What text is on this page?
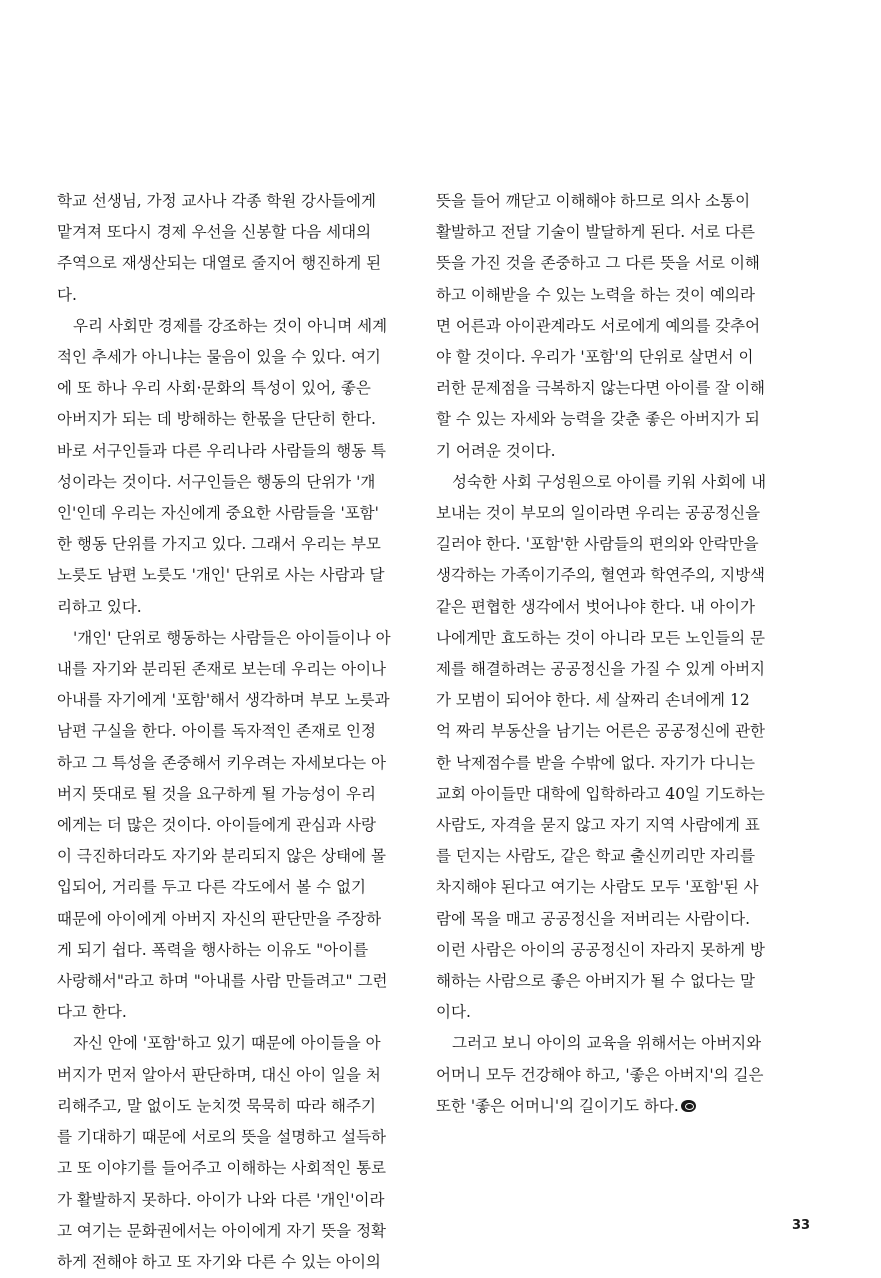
학교 선생님, 가정 교사나 각종 학원 강사들에게
맡겨져 또다시 경제 우선을 신봉할 다음 세대의
주역으로 재생산되는 대열로 줄지어 행진하게 된
다.
우리 사회만 경제를 강조하는 것이 아니며 세계
적인 추세가 아니냐는 물음이 있을 수 있다. 여기
에 또 하나 우리 사회·문화의 특성이 있어, 좋은
아버지가 되는 데 방해하는 한몫을 단단히 한다.
바로 서구인들과 다른 우리나라 사람들의 행동 특
성이라는 것이다. 서구인들은 행동의 단위가 '개
인'인데 우리는 자신에게 중요한 사람들을 '포함'
한 행동 단위를 가지고 있다. 그래서 우리는 부모
노릇도 남편 노릇도 '개인' 단위로 사는 사람과 달
리하고 있다.
'개인' 단위로 행동하는 사람들은 아이들이나 아
내를 자기와 분리된 존재로 보는데 우리는 아이나
아내를 자기에게 '포함'해서 생각하며 부모 노릇과
남편 구실을 한다. 아이를 독자적인 존재로 인정
하고 그 특성을 존중해서 키우려는 자세보다는 아
버지 뜻대로 될 것을 요구하게 될 가능성이 우리
에게는 더 많은 것이다. 아이들에게 관심과 사랑
이 극진하더라도 자기와 분리되지 않은 상태에 몰
입되어, 거리를 두고 다른 각도에서 볼 수 없기
때문에 아이에게 아버지 자신의 판단만을 주장하
게 되기 쉽다. 폭력을 행사하는 이유도 "아이를
사랑해서"라고 하며 "아내를 사람 만들려고" 그런
다고 한다.
자신 안에 '포함'하고 있기 때문에 아이들을 아
버지가 먼저 알아서 판단하며, 대신 아이 일을 처
리해주고, 말 없이도 눈치껏 묵묵히 따라 해주기
를 기대하기 때문에 서로의 뜻을 설명하고 설득하
고 또 이야기를 들어주고 이해하는 사회적인 통로
가 활발하지 못하다. 아이가 나와 다른 '개인'이라
고 여기는 문화권에서는 아이에게 자기 뜻을 정확
하게 전해야 하고 또 자기와 다른 수 있는 아이의
뜻을 들어 깨닫고 이해해야 하므로 의사 소통이
활발하고 전달 기술이 발달하게 된다. 서로 다른
뜻을 가진 것을 존중하고 그 다른 뜻을 서로 이해
하고 이해받을 수 있는 노력을 하는 것이 예의라
면 어른과 아이관계라도 서로에게 예의를 갖추어
야 할 것이다. 우리가 '포함'의 단위로 살면서 이
러한 문제점을 극복하지 않는다면 아이를 잘 이해
할 수 있는 자세와 능력을 갖춘 좋은 아버지가 되
기 어려운 것이다.
성숙한 사회 구성원으로 아이를 키워 사회에 내
보내는 것이 부모의 일이라면 우리는 공공정신을
길러야 한다. '포함'한 사람들의 편의와 안락만을
생각하는 가족이기주의, 혈연과 학연주의, 지방색
같은 편협한 생각에서 벗어나야 한다. 내 아이가
나에게만 효도하는 것이 아니라 모든 노인들의 문
제를 해결하려는 공공정신을 가질 수 있게 아버지
가 모범이 되어야 한다. 세 살짜리 손녀에게 12
억 짜리 부동산을 남기는 어른은 공공정신에 관한
한 낙제점수를 받을 수밖에 없다. 자기가 다니는
교회 아이들만 대학에 입학하라고 40일 기도하는
사람도, 자격을 묻지 않고 자기 지역 사람에게 표
를 던지는 사람도, 같은 학교 출신끼리만 자리를
차지해야 된다고 여기는 사람도 모두 '포함'된 사
람에 목을 매고 공공정신을 저버리는 사람이다.
이런 사람은 아이의 공공정신이 자라지 못하게 방
해하는 사람으로 좋은 아버지가 될 수 없다는 말
이다.
그러고 보니 아이의 교육을 위해서는 아버지와
어머니 모두 건강해야 하고, '좋은 아버지'의 길은
또한 '좋은 어머니'의 길이기도 하다.
33
